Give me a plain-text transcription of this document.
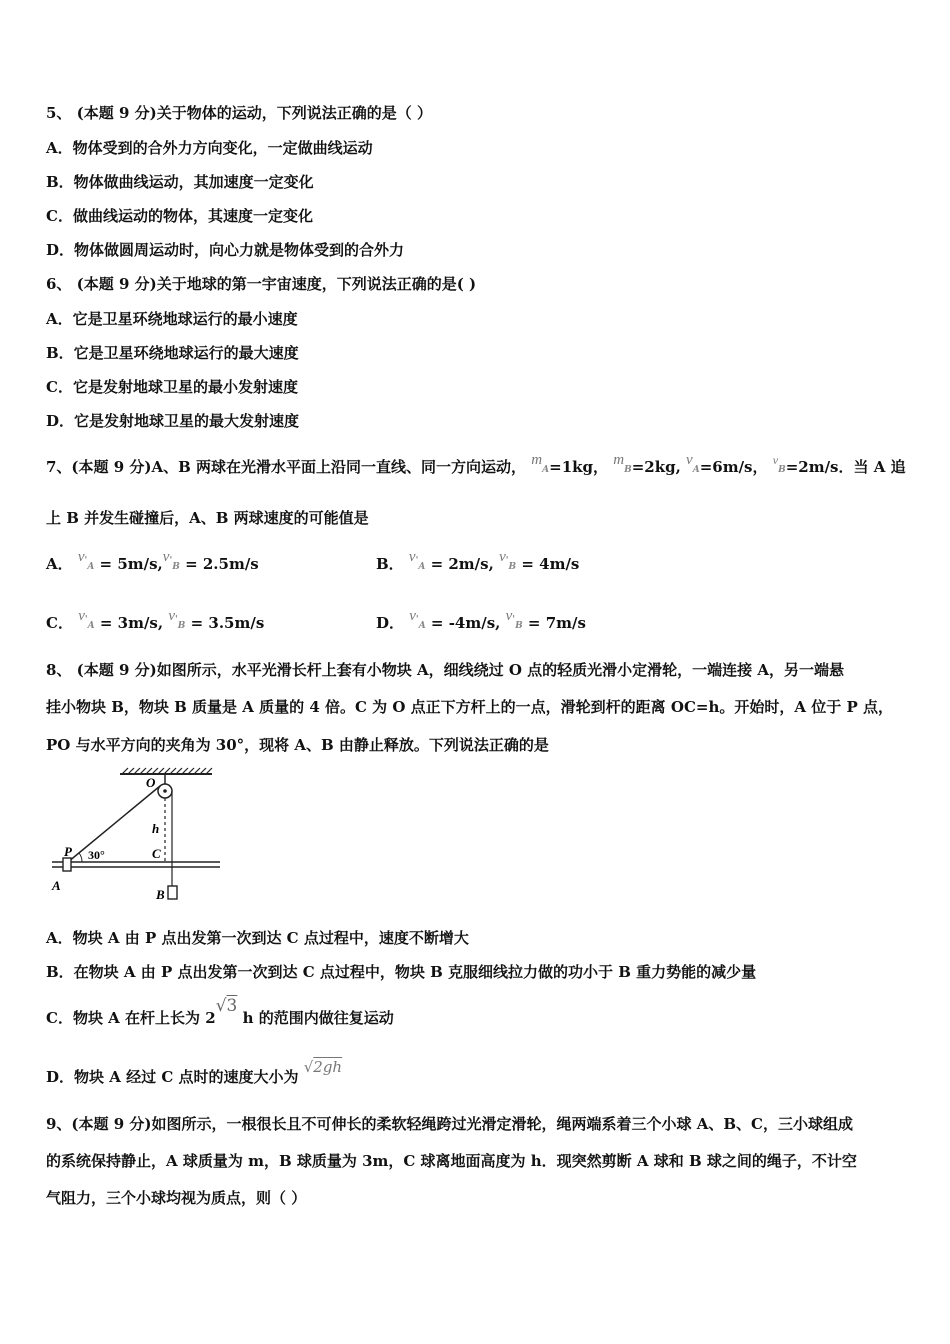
5、 (本题 9 分)关于物体的运动，下列说法正确的是（ ）
A．物体受到的合外力方向变化，一定做曲线运动
B．物体做曲线运动，其加速度一定变化
C．做曲线运动的物体，其速度一定变化
D．物体做圆周运动时，向心力就是物体受到的合外力
6、 (本题 9 分)关于地球的第一宇宙速度，下列说法正确的是( )
A．它是卫星环绕地球运行的最小速度
B．它是卫星环绕地球运行的最大速度
C．它是发射地球卫星的最小发射速度
D．它是发射地球卫星的最大发射速度
7、(本题 9 分)A、B 两球在光滑水平面上沿同一直线、同一方向运动， mA=1kg， mB=2kg, vA=6m/s， $^v$B=2m/s．当 A 追
上 B 并发生碰撞后，A、B 两球速度的可能值是
A． v'A = 5m/s,v'B = 2.5m/s	B． v'A = 2m/s, v'B = 4m/s
C． v'A = 3m/s, v'B = 3.5m/s	D． v'A = -4m/s, v'B = 7m/s
8、 (本题 9 分)如图所示，水平光滑长杆上套有小物块 A，细线绕过 O 点的轻质光滑小定滑轮，一端连接 A，另一端悬
挂小物块 B，物块 B 质量是 A 质量的 4 倍。C 为 O 点正下方杆上的一点，滑轮到杆的距离 OC=h。开始时，A 位于 P 点，
PO 与水平方向的夹角为 30°，现将 A、B 由静止释放。下列说法正确的是
O
h
C
P 30°
A
B
A．物块 A 由 P 点出发第一次到达 C 点过程中，速度不断增大
B．在物块 A 由 P 点出发第一次到达 C 点过程中，物块 B 克服细线拉力做的功小于 B 重力势能的减少量
C．物块 A 在杆上长为 2√3 h 的范围内做往复运动
D．物块 A 经过 C 点时的速度大小为 √2gh
9、(本题 9 分)如图所示，一根很长且不可伸长的柔软轻绳跨过光滑定滑轮，绳两端系着三个小球 A、B、C，三小球组成
的系统保持静止，A 球质量为 m，B 球质量为 3m，C 球离地面高度为 h．现突然剪断 A 球和 B 球之间的绳子，不计空
气阻力，三个小球均视为质点，则（ ）
